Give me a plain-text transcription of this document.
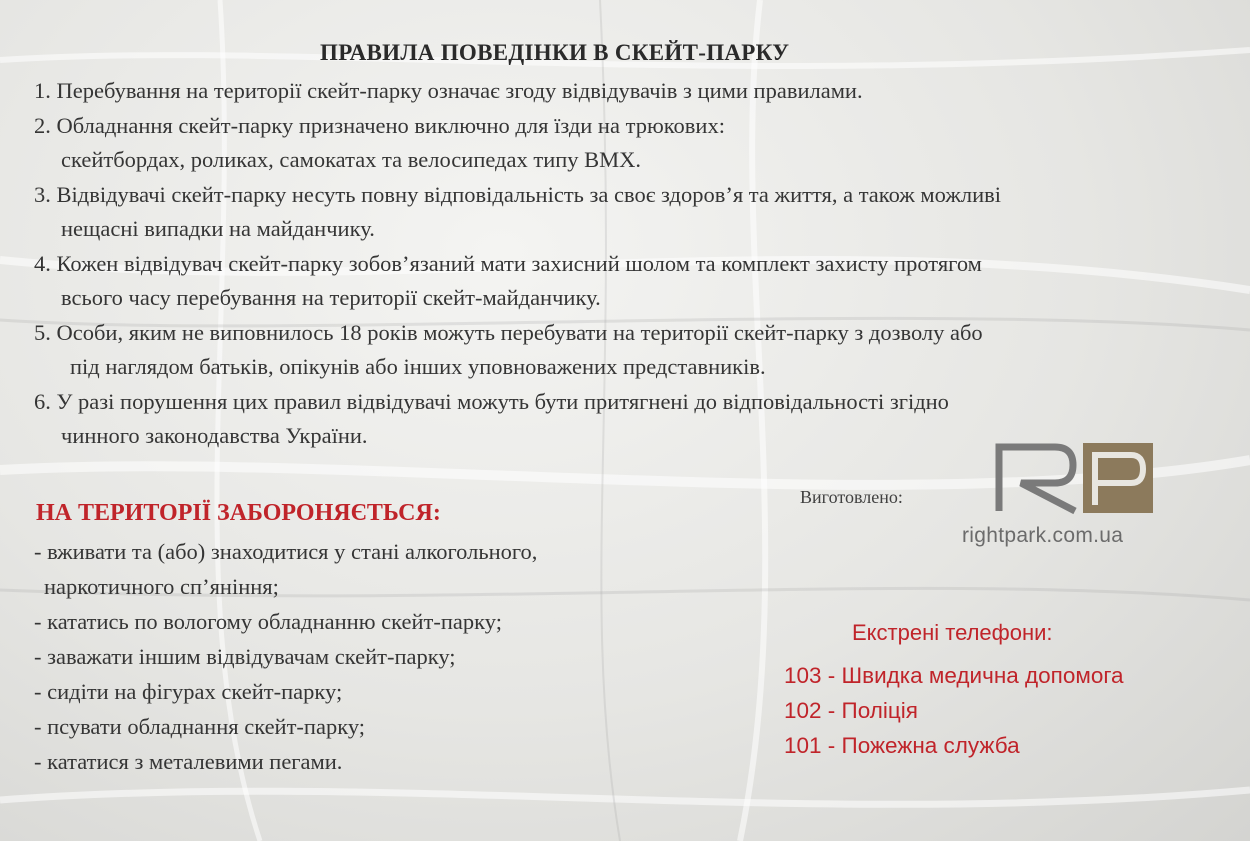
ПРАВИЛА ПОВЕДІНКИ В СКЕЙТ-ПАРКУ
1. Перебування на території скейт-парку означає згоду відвідувачів з цими правилами.
2. Обладнання скейт-парку призначено виключно для їзди на трюкових:
скейтбордах, роликах, самокатах та велосипедах типу BMX.
3. Відвідувачі скейт-парку несуть повну відповідальність за своє здоров’я та життя, а також можливі
нещасні випадки на майданчику.
4. Кожен відвідувач скейт-парку зобов’язаний мати захисний шолом та комплект захисту протягом
всього часу перебування на території скейт-майданчику.
5. Особи, яким не виповнилось 18 років можуть перебувати на території скейт-парку з дозволу або
під наглядом батьків, опікунів або інших уповноважених представників.
6. У разі порушення цих правил відвідувачі можуть бути притягнені до відповідальності згідно
чинного законодавства України.
НА ТЕРИТОРІЇ ЗАБОРОНЯЄТЬСЯ:
- вживати та (або) знаходитися у стані алкогольного,
наркотичного сп’яніння;
- кататись по вологому обладнанню скейт-парку;
- заважати іншим відвідувачам скейт-парку;
- сидіти на фігурах скейт-парку;
- псувати обладнання скейт-парку;
- кататися з металевими пегами.
Виготовлено:
rightpark.com.ua
Екстрені телефони:
103 - Швидка медична допомога
102 - Поліція
101 - Пожежна служба
